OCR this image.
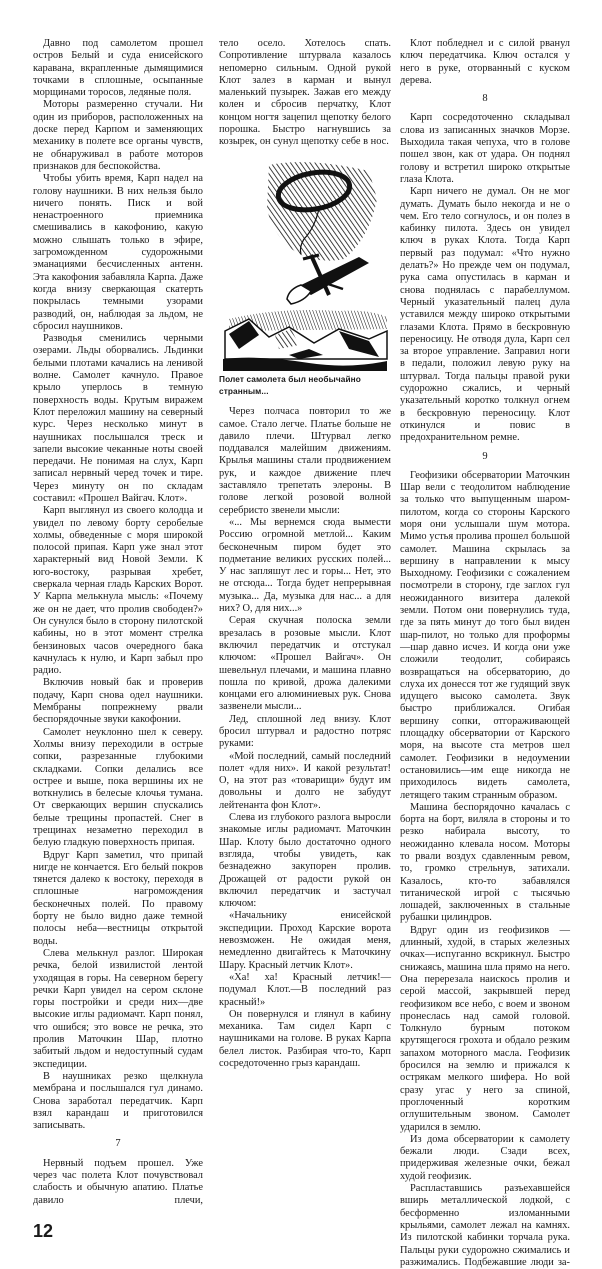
Давно под самолетом прошел остров Белый и суда енисейского каравана, вкрапленные дымящимися точками в сплошные, осыпанные морщинами торосов, ледяные поля.

Моторы размеренно стучали. Ни один из приборов, расположенных на доске перед Карпом и заменяющих механику в полете все органы чувств, не обнаруживал в работе моторов признаков для беспокойства.

Чтобы убить время, Карп надел на голову наушники. В них нельзя было ничего понять. Писк и вой ненастроенного приемника смешивались в какофонию, какую можно слышать только в эфире, загроможденном судорожными эманациями бесчисленных антенн. Эта какофония забавляла Карпа. Даже когда внизу сверкающая скатерть покрылась темными узорами разводий, он, наблюдая за льдом, не сбросил наушников.

Разводья сменились черными озерами. Льды оборвались. Льдинки белыми плотами качались на ленивой волне. Самолет качнуло. Правое крыло уперлось в темную поверхность воды. Крутым виражем Клот переложил машину на северный курс. Через несколько минут в наушниках послышался треск и запели высокие чеканные ноты своей передачи. Не понимая на слух, Карп записал нервный черед точек и тире. Через минуту он по складам составил: «Прошел Вайгач. Клот».

Карп выглянул из своего колодца и увидел по левому борту серобелые холмы, обведенные с моря широкой полосой припая. Карп уже знал этот характерный вид Новой Земли. К юго-востоку, разрывая хребет, сверкала черная гладь Карских Ворот. У Карпа мелькнула мысль: «Почему же он не дает, что пролив свободен?» Он сунулся было в сторону пилотской кабины, но в этот момент стрелка бензиновых часов очередного бака качнулась к нулю, и Карп забыл про радио.

Включив новый бак и проверив подачу, Карп снова одел наушники. Мембраны попрежнему рвали беспорядочные звуки какофонии.

Самолет неуклонно шел к северу. Холмы внизу переходили в острые сопки, разрезанные глубокими складками. Сопки делались все острее и выше, пока вершины их не воткнулись в белесые клочья тумана. От сверкающих вершин спускались белые трещины пропастей. Снег в трещинах незаметно переходил в белую гладкую поверхность припая.

Вдруг Карп заметил, что припай нигде не кончается. Его белый покров тянется далеко к востоку, переходя в сплошные нагромождения бесконечных полей. По правому борту не было видно даже темной полосы неба—вестницы открытой воды.

Слева мелькнул разлог. Широкая речка, белой извилистой лентой уходящая в горы. На северном берегу речки Карп увидел на сером склоне горы постройки и среди них—две высокие иглы радиомачт. Карп понял, что ошибся; это вовсе не речка, это пролив Маточкин Шар, плотно забитый льдом и недоступный судам экспедиции.

В наушниках резко щелкнула мембрана и послышался гул динамо. Снова заработал передатчик. Карп взял карандаш и приготовился записывать.

7

Нервный подъем прошел. Уже через час полета Клот почувствовал слабость и обычную апатию. Платье давило плечи,

12

тело осело. Хотелось спать. Сопротивление штурвала казалось непомерно сильным. Одной рукой Клот залез в карман и вынул маленький пузырек. Зажав его между колен и сбросив перчатку, Клот концом ногтя зацепил щепотку белого порошка. Быстро нагнувшись за козырек, он сунул щепотку себе в нос.

Полет самолета был необычайно странным...

Через полчаса повторил то же самое. Стало легче. Платье больше не давило плечи. Штурвал легко поддавался малейшим движениям. Крылья машины стали продвижением рук, и каждое движение плеч заставляло трепетать элероны. В голове легкой розовой волной серебристо звенели мысли:

«... Мы вернемся сюда вымести Россию огромной метлой... Каким бесконечным пиром будет это подметание великих русских полей... У нас запляшут лес и горы... Нет, это не отсюда... Тогда будет непрерывная музыка... Да, музыка для нас... а для них? О, для них...»

Серая скучная полоска земли врезалась в розовые мысли. Клот включил передатчик и отстукал ключом: «Прошел Вайгач». Он шевельнул плечами, и машина плавно пошла по кривой, дрожа далекими концами его алюминиевых рук. Снова зазвенели мысли...

Лед, сплошной лед внизу. Клот бросил штурвал и радостно потряс руками:

«Мой последний, самый последний полет «для них». И какой результат! О, на этот раз «товарищи» будут им довольны и долго не забудут лейтенанта фон Клот».

Слева из глубокого разлога выросли знакомые иглы радиомачт. Маточкин Шар. Клоту было достаточно одного взгляда, чтобы увидеть, как безнадежно закупорен пролив. Дрожащей от радости рукой он включил передатчик и застучал ключом:

«Начальнику енисейской экспедиции. Проход Карские ворота невозможен. Не ожидая меня, немедленно двигайтесь к Маточкину Шару. Красный летчик Клот».

«Ха! ха! Красный летчик!—подумал Клот.—В последний раз красный!»

Он повернулся и глянул в кабину механика. Там сидел Карп с наушниками на голове. В руках Карпа белел листок. Разбирая что-то, Карп сосредоточенно грыз карандаш.

Клот побледнел и с силой рванул ключ передатчика. Ключ остался у него в руке, оторванный с куском дерева.

8

Карп сосредоточенно складывал слова из записанных значков Морзе. Выходила такая чепуха, что в голове пошел звон, как от удара. Он поднял голову и встретил широко открытые глаза Клота.

Карп ничего не думал. Он не мог думать. Думать было некогда и не о чем. Его тело согнулось, и он полез в кабинку пилота. Здесь он увидел ключ в руках Клота. Тогда Карп первый раз подумал: «Что нужно делать?» Но прежде чем он подумал, рука сама опустилась в карман и снова поднялась с парабеллумом. Черный указательный палец дула уставился между широко открытыми глазами Клота. Прямо в бескровную переносицу. Не отводя дула, Карп сел за второе управление. Заправил ноги в педали, положил левую руку на штурвал. Тогда пальцы правой руки судорожно сжались, и черный указательный коротко толкнул огнем в бескровную переносицу. Клот откинулся и повис в предохранительном ремне.

9

Геофизики обсерватории Маточкин Шар вели с теодолитом наблюдение за только что выпущенным шаром-пилотом, когда со стороны Карского моря они услышали шум мотора. Мимо устья пролива прошел большой самолет. Машина скрылась за вершину в направлении к мысу Выходному. Геофизики с сожалением посмотрели в сторону, где заглох гул неожиданного визитера далекой земли. Потом они повернулись туда, где за пять минут до того был виден шар-пилот, но только для проформы—шар давно исчез. И когда они уже сложили теодолит, собираясь возвращаться на обсерваторию, до слуха их донесся тот же гудящий звук идущего высоко самолета. Звук быстро приближался. Огибая вершину сопки, отгораживающей площадку обсерватории от Карского моря, на высоте ста метров шел самолет. Геофизики в недоумении остановились—им еще никогда не приходилось видеть самолета, летящего таким странным образом.

Машина беспорядочно качалась с борта на борт, виляла в стороны и то резко набирала высоту, то неожиданно клевала носом. Моторы то рвали воздух сдавленным ревом, то, громко стрельнув, затихали. Казалось, кто-то забавлялся титанической игрой с тысячью лошадей, заключенных в стальные рубашки цилиндров.

Вдруг один из геофизиков — длинный, худой, в старых железных очках—испуганно вскрикнул. Быстро снижаясь, машина шла прямо на него. Она перерезала наискось пролив и серой массой, закрывшей перед геофизиком все небо, с воем и звоном пронеслась над самой головой. Толкнуло бурным потоком крутящегося грохота и обдало резким запахом моторного масла. Геофизик бросился на землю и прижался к острякам мелкого шифера. Но вой сразу угас у него за спиной, проглоченный коротким оглушительным звоном. Самолет ударился в землю.

Из дома обсерватории к самолету бежали люди. Сзади всех, придерживая железные очки, бежал худой геофизик.

Распластавшись разъехавшейся вширь металлической лодкой, с бесформенно изломанными крыльями, самолет лежал на камнях. Из пилотской кабинки торчала рука. Пальцы руки судорожно сжимались и разжимались. Подбежавшие люди за-
